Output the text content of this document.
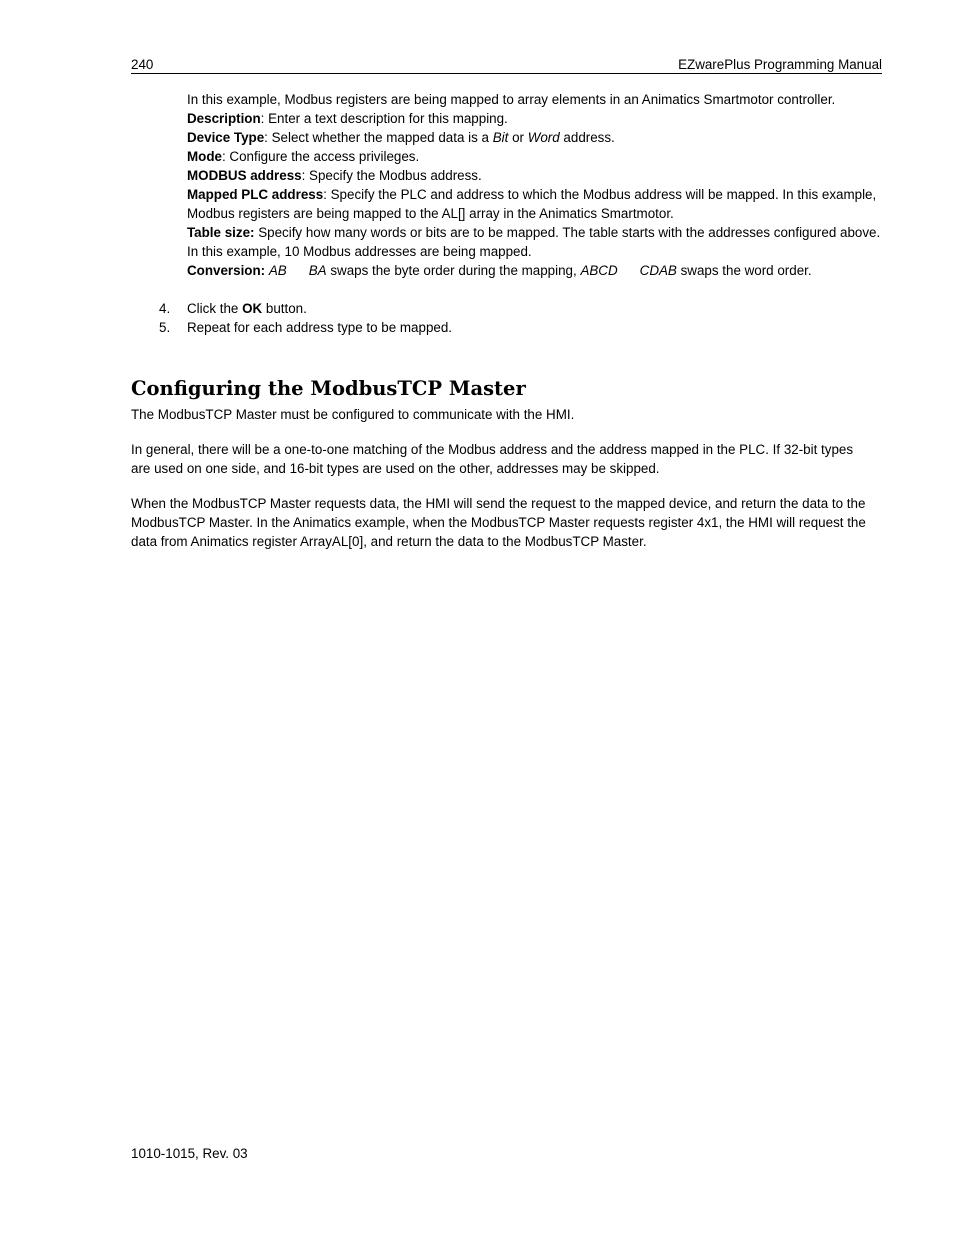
240	EZwarePlus Programming Manual

In this example, Modbus registers are being mapped to array elements in an Animatics Smartmotor controller.

Description: Enter a text description for this mapping.

Device Type: Select whether the mapped data is a Bit or Word address.

Mode: Configure the access privileges.

MODBUS address: Specify the Modbus address.

Mapped PLC address: Specify the PLC and address to which the Modbus address will be mapped. In this example, Modbus registers are being mapped to the AL[] array in the Animatics Smartmotor.

Table size: Specify how many words or bits are to be mapped. The table starts with the addresses configured above. In this example, 10 Modbus addresses are being mapped.

Conversion: AB BA swaps the byte order during the mapping, ABCD CDAB swaps the word order.

4. Click the OK button.
5. Repeat for each address type to be mapped.
Configuring the ModbusTCP Master

The ModbusTCP Master must be configured to communicate with the HMI.

In general, there will be a one-to-one matching of the Modbus address and the address mapped in the PLC. If 32-bit types are used on one side, and 16-bit types are used on the other, addresses may be skipped.

When the ModbusTCP Master requests data, the HMI will send the request to the mapped device, and return the data to the ModbusTCP Master. In the Animatics example, when the ModbusTCP Master requests register 4x1, the HMI will request the data from Animatics register ArrayAL[0], and return the data to the ModbusTCP Master.

1010-1015, Rev. 03
